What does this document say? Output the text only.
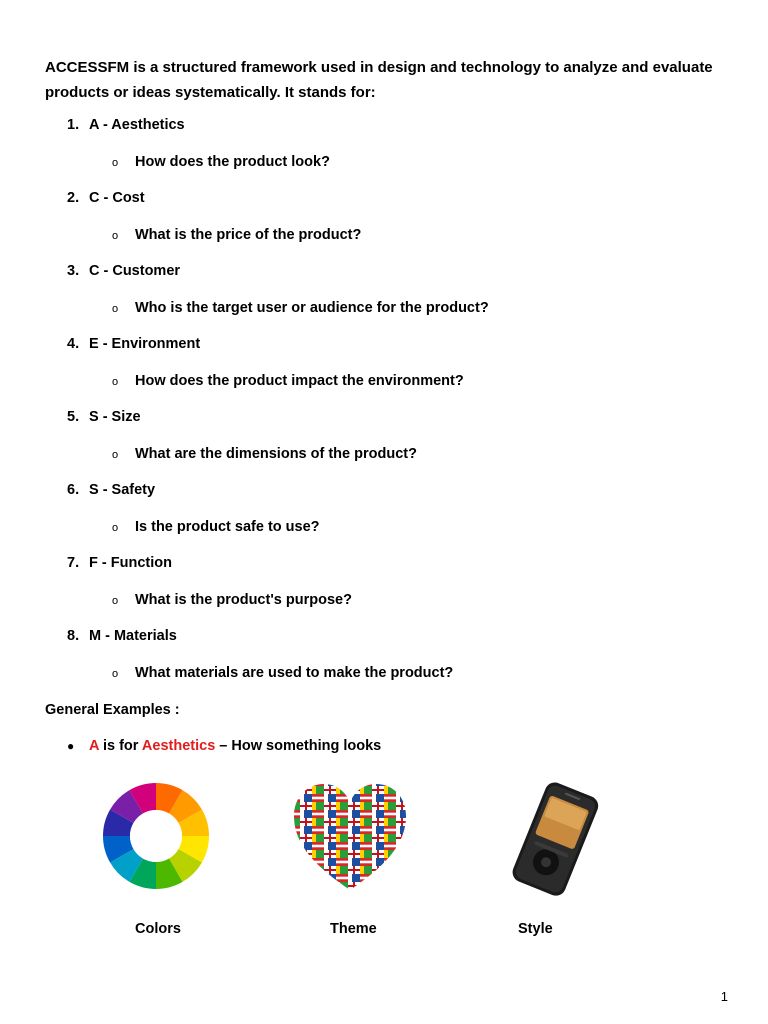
ACCESSFM is a structured framework used in design and technology to analyze and evaluate products or ideas systematically. It stands for:
1. A - Aesthetics
o How does the product look?
2. C - Cost
o What is the price of the product?
3. C - Customer
o Who is the target user or audience for the product?
4. E - Environment
o How does the product impact the environment?
5. S - Size
o What are the dimensions of the product?
6. S - Safety
o Is the product safe to use?
7. F - Function
o What is the product's purpose?
8. M - Materials
o What materials are used to make the product?
General Examples :
● A is for Aesthetics – How something looks
Colors	Theme	Style
1
